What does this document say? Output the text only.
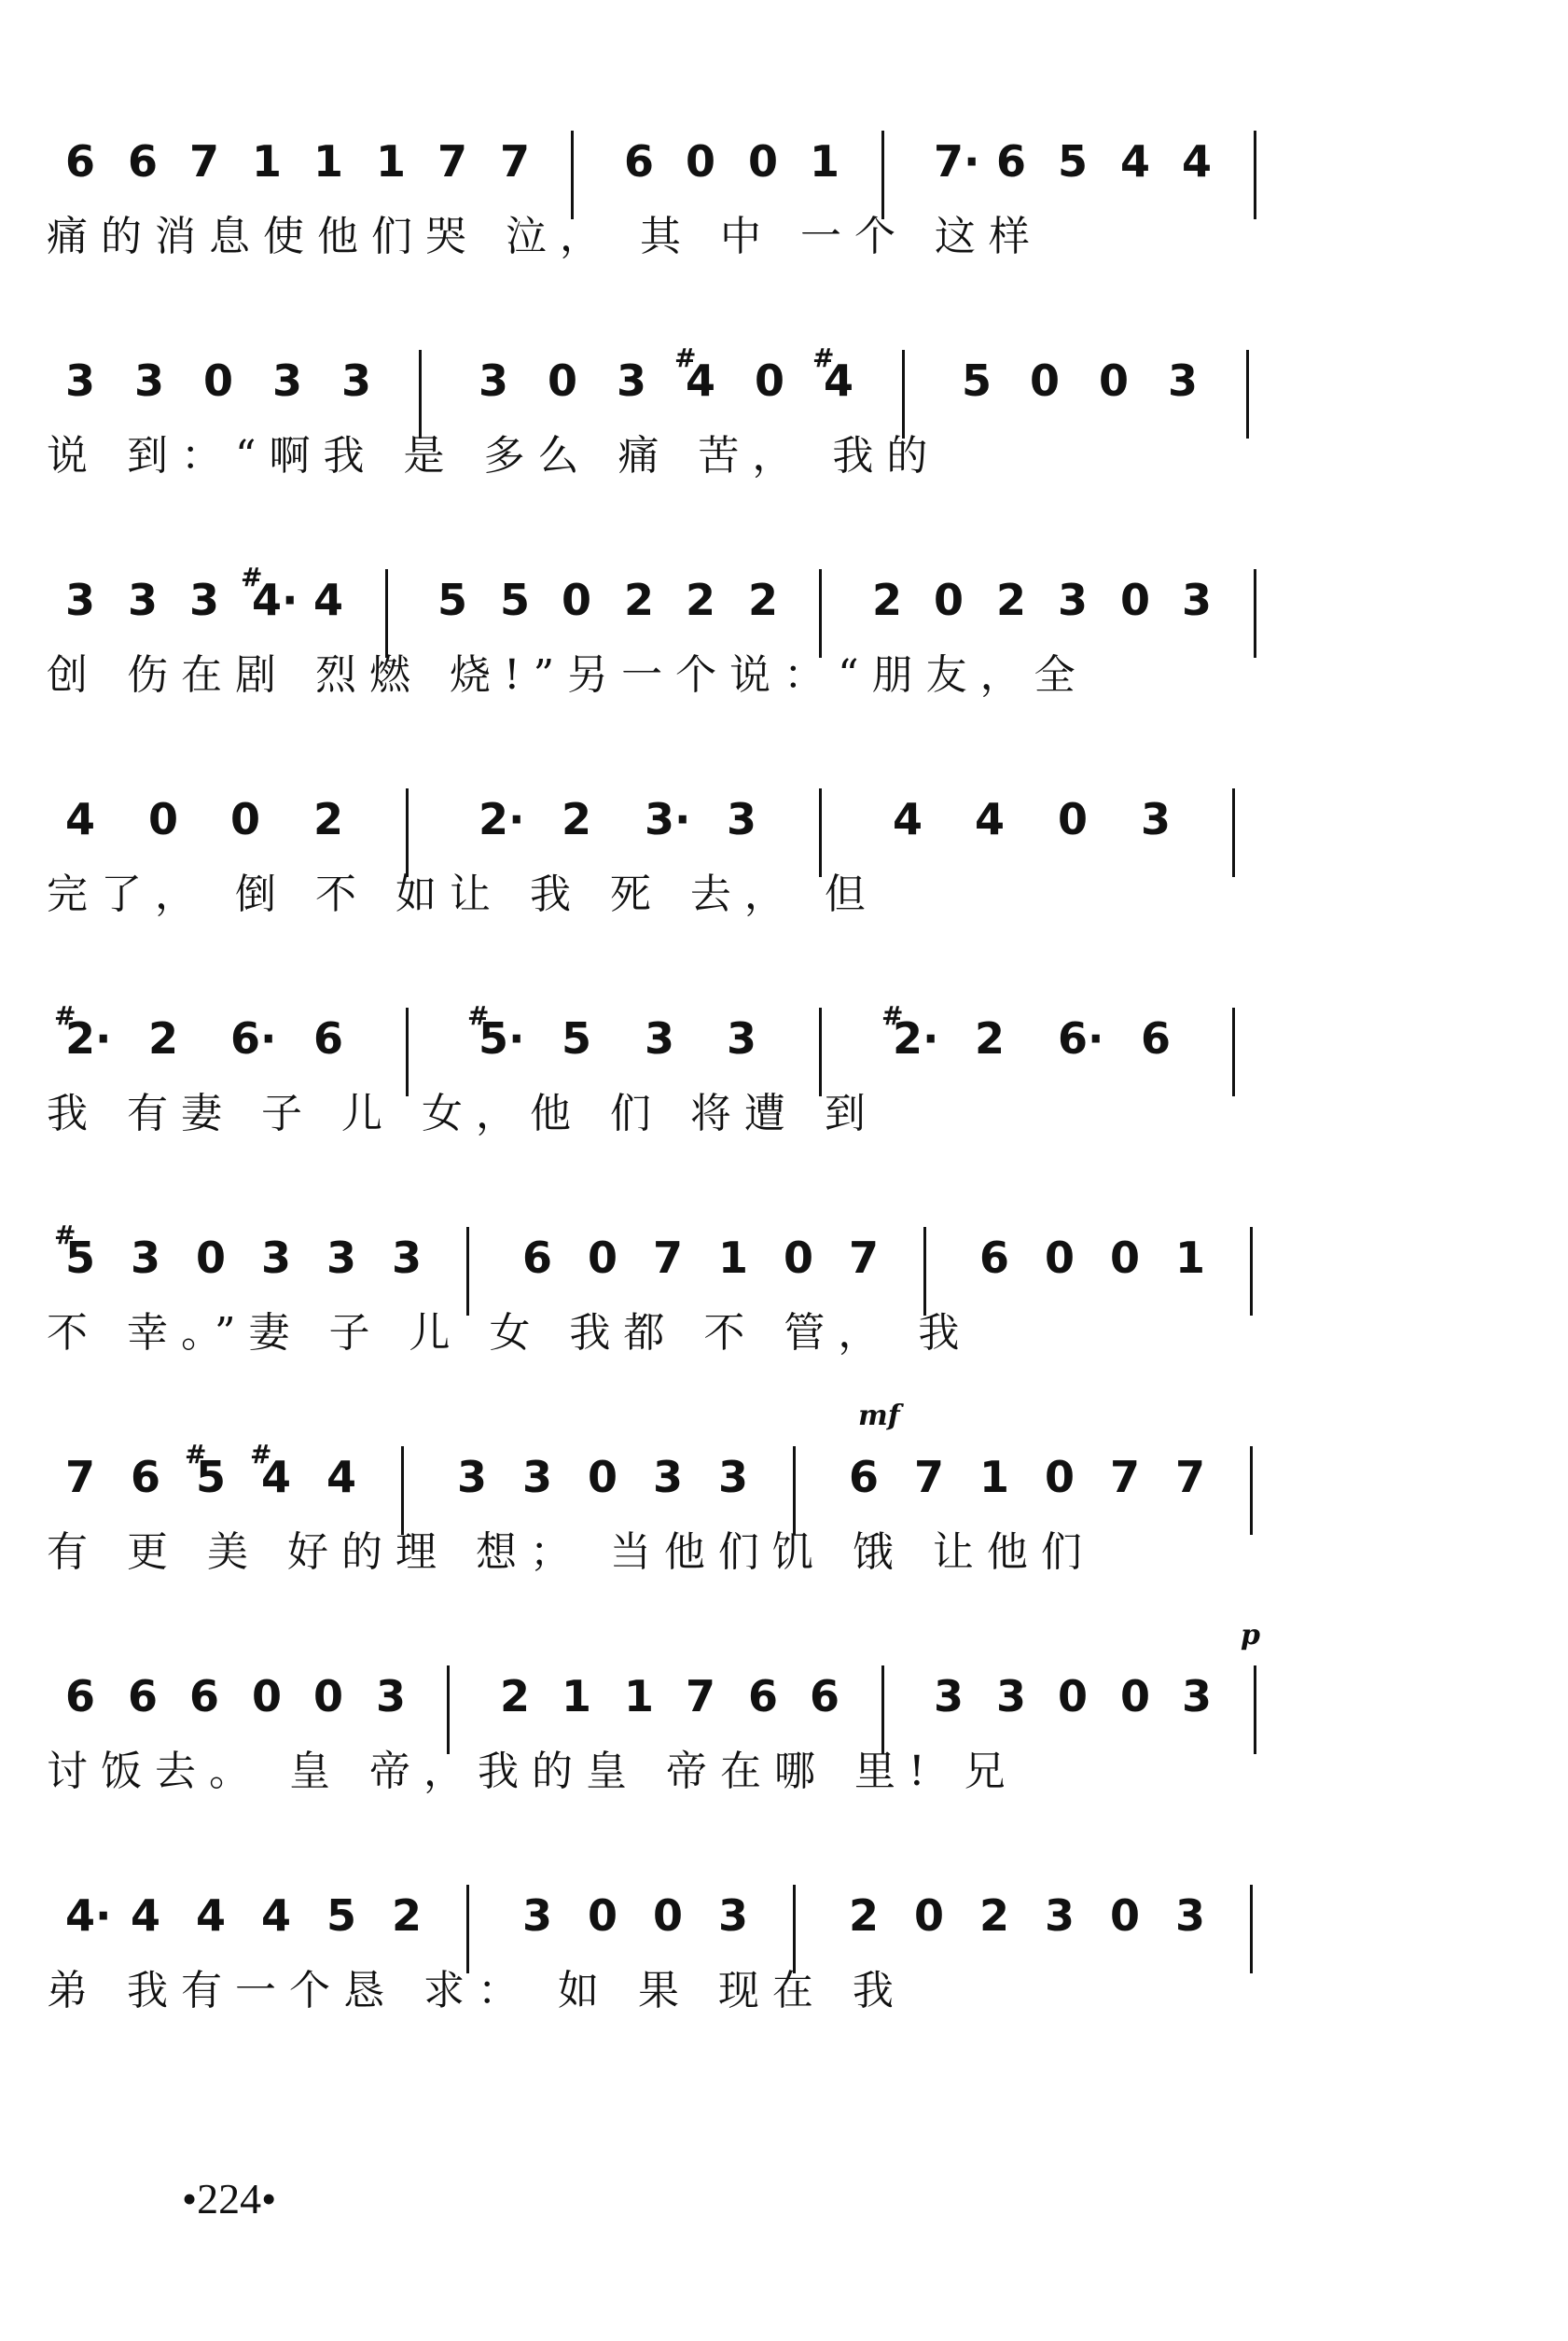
6 6 7 1 1 1 7 7 6 0 0 1 7· 6 5 4 4
痛的消息使他们哭 泣， 其 中 一个 这样
3 3 0 3 3 3 0 3 #
4 0 #
4	5 0 0 3
说 到：“啊我 是 多么 痛 苦， 我的
3 3 3 #
4· 4 5 5 0 2 2 2 2 0 2 3 0 3
创 伤在剧 烈燃 烧!”另一个说：“朋友，全
4 0 0 2	2· 2 3· 3	4 4 0 3
完了， 倒 不 如让 我 死 去， 但
#
2· 2 6· 6	#
5· 5 3 3	#
2· 2 6· 6
我 有妻 子 儿 女，他 们 将遭 到
#
5 3 0 3 3 3 6 0 7 1 0 7 6 0 0 1
不 幸。”妻 子 儿 女 我都 不 管， 我
7 6 #
5 #
4 4 3 3 0 3 3 6 7 1 0 7 7
mf
有 更 美 好的理 想； 当他们饥 饿 让他们
6 6 6 0 0 3 2 1 1 7 6 6 3 3 0 0 3
p
讨饭去。 皇 帝，我的皇 帝在哪 里! 兄
4· 4 4 4 5 2 3 0 0 3 2 0 2 3 0 3
弟 我有一个恳 求： 如 果 现在 我
•224•
